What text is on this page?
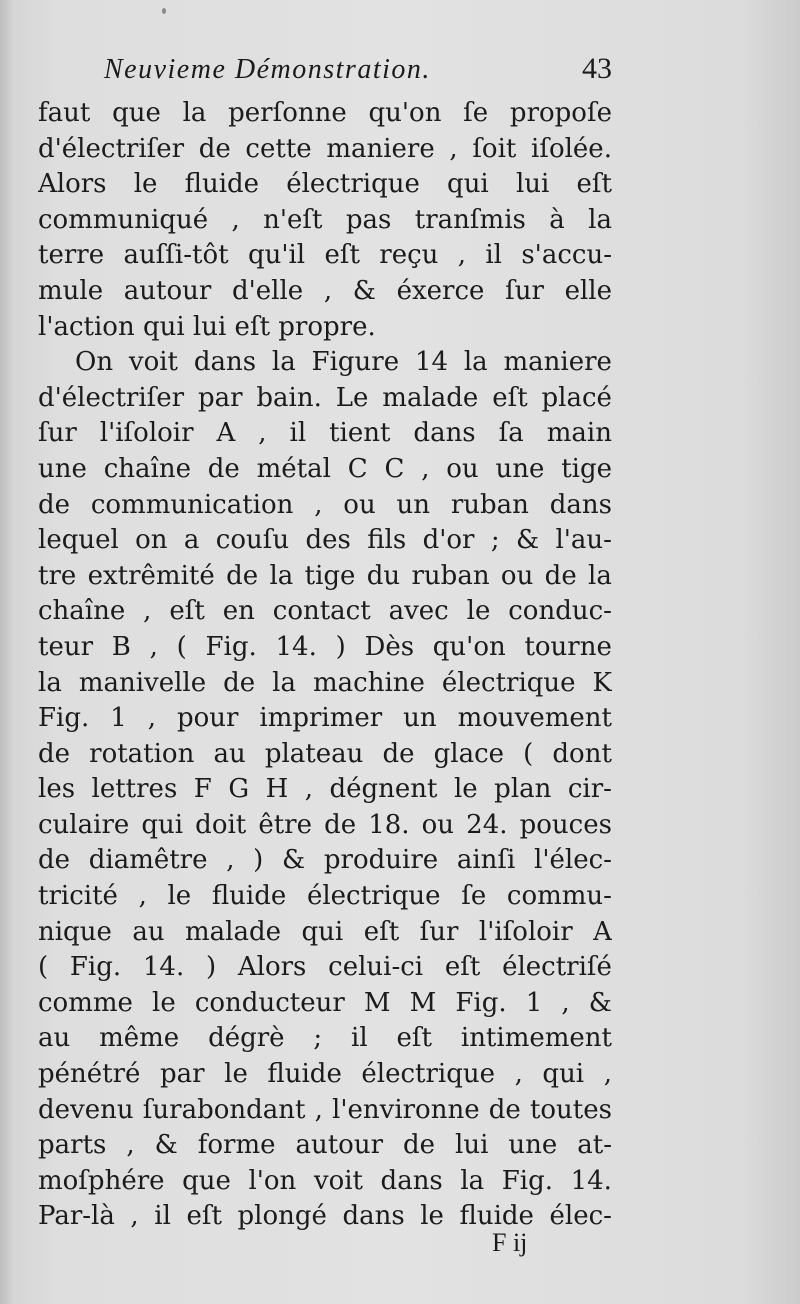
Neuvieme Démonstration.	43
faut que la perſonne qu'on ſe propoſe
d'électriſer de cette maniere , ſoit iſolée.
Alors le fluide électrique qui lui eſt
communiqué , n'eſt pas tranſmis à la
terre auſſi-tôt qu'il eſt reçu , il s'accu-
mule autour d'elle , & éxerce ſur elle
l'action qui lui eſt propre.
On voit dans la Figure 14 la maniere
d'électriſer par bain. Le malade eſt placé
ſur l'iſoloir A , il tient dans ſa main
une chaîne de métal C C , ou une tige
de communication , ou un ruban dans
lequel on a couſu des fils d'or ; & l'au-
tre extrêmité de la tige du ruban ou de la
chaîne , eſt en contact avec le conduc-
teur B , ( Fig. 14. ) Dès qu'on tourne
la manivelle de la machine électrique K
Fig. 1 , pour imprimer un mouvement
de rotation au plateau de glace ( dont
les lettres F G H , dégnent le plan cir-
culaire qui doit être de 18. ou 24. pouces
de diamêtre , ) & produire ainſi l'élec-
tricité , le fluide électrique ſe commu-
nique au malade qui eſt ſur l'iſoloir A
( Fig. 14. ) Alors celui-ci eſt électriſé
comme le conducteur M M Fig. 1 , &
au même dégrè ; il eſt intimement
pénétré par le fluide électrique , qui ,
devenu ſurabondant , l'environne de toutes
parts , & forme autour de lui une at-
moſphére que l'on voit dans la Fig. 14.
Par-là , il eſt plongé dans le fluide élec-
F ij
